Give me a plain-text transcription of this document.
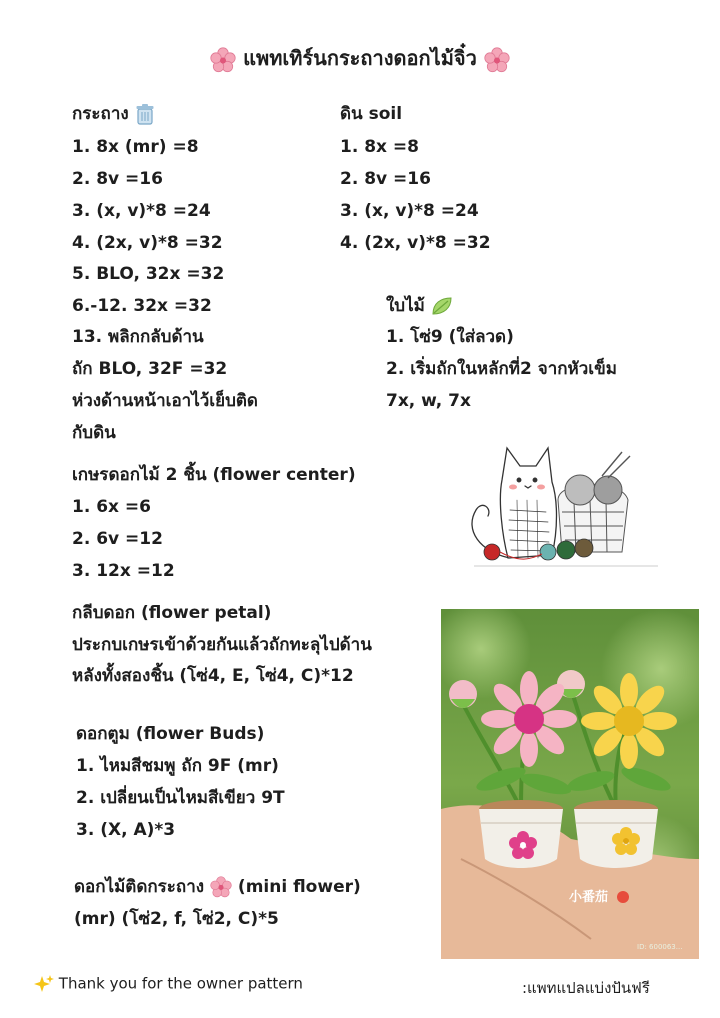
แพทเทิร์นกระถางดอกไม้จิ๋ว
กระถาง
1. 8x (mr) =8
2. 8v =16
3. (x, v)*8 =24
4. (2x, v)*8 =32
5. BLO, 32x =32
6.-12. 32x =32
13. พลิกกลับด้าน
ถัก BLO, 32F =32
ห่วงด้านหน้าเอาไว้เย็บติด
กับดิน
ดิน soil
1. 8x =8
2. 8v =16
3. (x, v)*8 =24
4. (2x, v)*8 =32
ใบไม้
1. โซ่9 (ใส่ลวด)
2. เริ่มถักในหลักที่2 จากหัวเข็ม
7x, w, 7x
เกษรดอกไม้ 2 ชิ้น (flower center)
1. 6x =6
2. 6v =12
3. 12x =12
กลีบดอก (flower petal)
ประกบเกษรเข้าด้วยกันแล้วถักทะลุไปด้าน
หลังทั้งสองชิ้น (โซ่4, E, โซ่4, C)*12
ดอกตูม (flower Buds)
1. ไหมสีชมพู ถัก 9F (mr)
2. เปลี่ยนเป็นไหมสีเขียว 9T
3. (X, A)*3
ดอกไม้ติดกระถาง (mini flower)
(mr) (โซ่2, f, โซ่2, C)*5
小番茄
ID: 600063...
Thank you for the owner pattern	:แพทแปลแบ่งปันฟรี
